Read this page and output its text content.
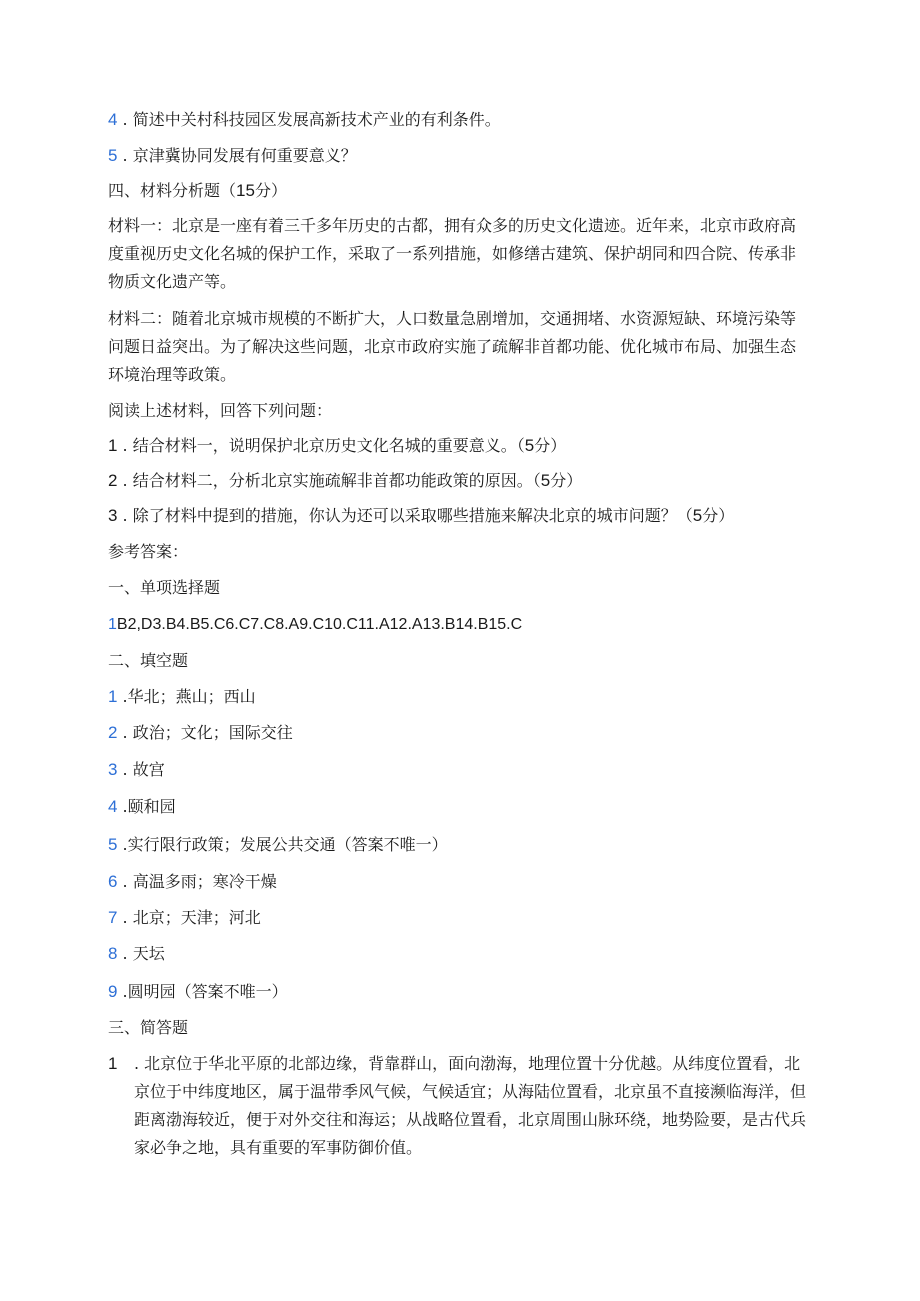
4 . 简述中关村科技园区发展高新技术产业的有利条件。
5 . 京津冀协同发展有何重要意义？
四、材料分析题（15分）
材料一：北京是一座有着三千多年历史的古都，拥有众多的历史文化遗迹。近年来，北京市政府高度重视历史文化名城的保护工作，采取了一系列措施，如修缮古建筑、保护胡同和四合院、传承非物质文化遗产等。
材料二：随着北京城市规模的不断扩大，人口数量急剧增加，交通拥堵、水资源短缺、环境污染等问题日益突出。为了解决这些问题，北京市政府实施了疏解非首都功能、优化城市布局、加强生态环境治理等政策。
阅读上述材料，回答下列问题：
1 . 结合材料一，说明保护北京历史文化名城的重要意义。（5分）
2 . 结合材料二，分析北京实施疏解非首都功能政策的原因。（5分）
3 . 除了材料中提到的措施，你认为还可以采取哪些措施来解决北京的城市问题？（5分）
参考答案：
一、单项选择题
1B2,D3.B4.B5.C6.C7.C8.A9.C10.C11.A12.A13.B14.B15.C
二、填空题
1 .华北；燕山；西山
2 . 政治；文化；国际交往
3 . 故宫
4 .颐和园
5 .实行限行政策；发展公共交通（答案不唯一）
6 . 高温多雨；寒冷干燥
7 . 北京；天津；河北
8 . 天坛
9 .圆明园（答案不唯一）
三、简答题
1 . 北京位于华北平原的北部边缘，背靠群山，面向渤海，地理位置十分优越。从纬度位置看，北京位于中纬度地区，属于温带季风气候，气候适宜；从海陆位置看，北京虽不直接濒临海洋，但距离渤海较近，便于对外交往和海运；从战略位置看，北京周围山脉环绕，地势险要，是古代兵家必争之地，具有重要的军事防御价值。
